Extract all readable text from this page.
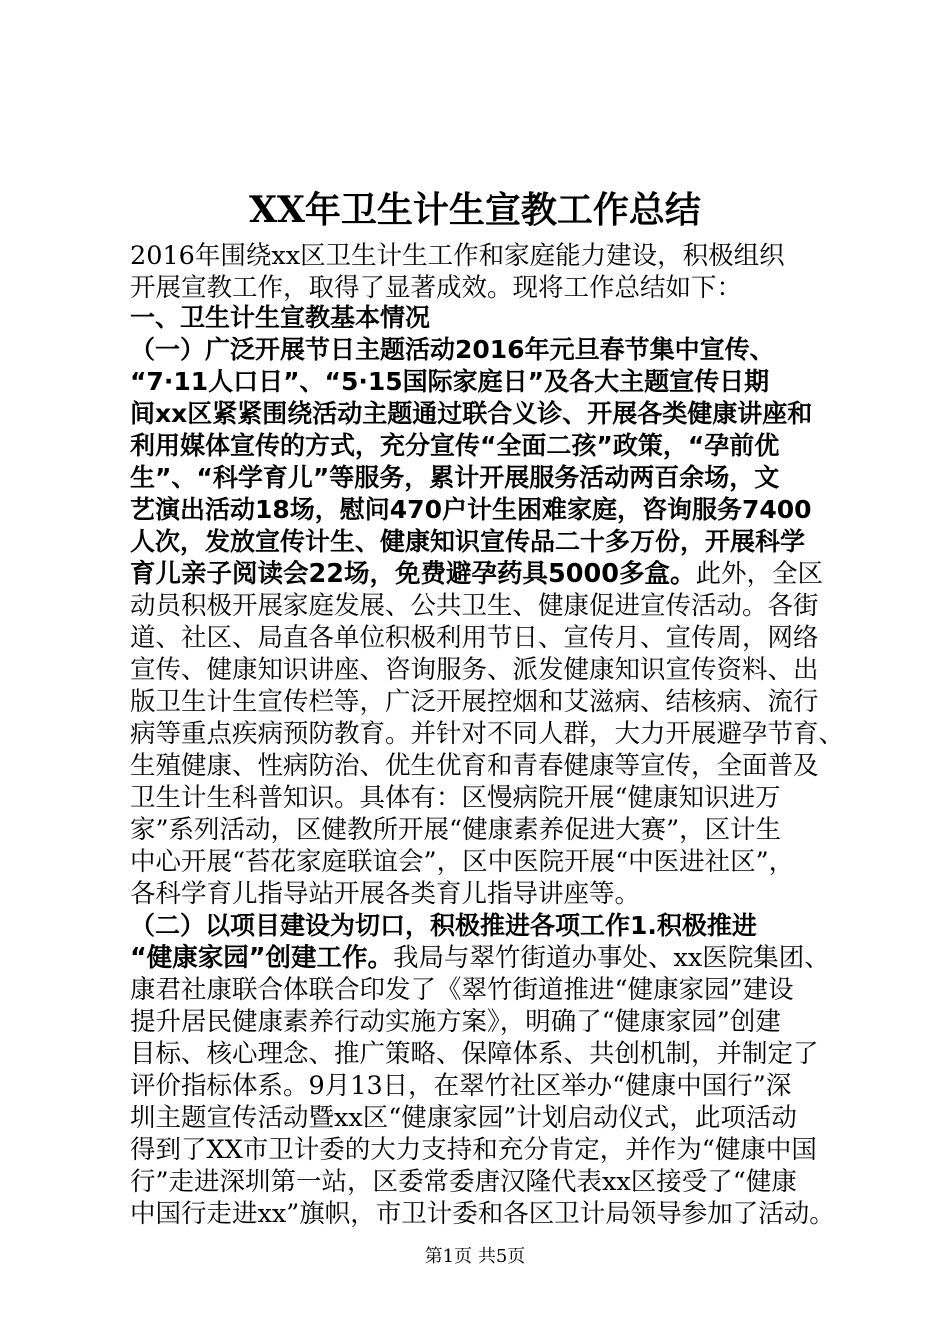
XX年卫生计生宣教工作总结
2016年围绕xx区卫生计生工作和家庭能力建设，积极组织
开展宣教工作，取得了显著成效。现将工作总结如下：
一、卫生计生宣教基本情况
（一）广泛开展节日主题活动2016年元旦春节集中宣传、
“7·11人口日”、“5·15国际家庭日”及各大主题宣传日期
间xx区紧紧围绕活动主题通过联合义诊、开展各类健康讲座和
利用媒体宣传的方式，充分宣传“全面二孩”政策，“孕前优
生”、“科学育儿”等服务，累计开展服务活动两百余场，文
艺演出活动18场，慰问470户计生困难家庭，咨询服务7400
人次，发放宣传计生、健康知识宣传品二十多万份，开展科学
育儿亲子阅读会22场，免费避孕药具5000多盒。此外，全区
动员积极开展家庭发展、公共卫生、健康促进宣传活动。各街
道、社区、局直各单位积极利用节日、宣传月、宣传周，网络
宣传、健康知识讲座、咨询服务、派发健康知识宣传资料、出
版卫生计生宣传栏等，广泛开展控烟和艾滋病、结核病、流行
病等重点疾病预防教育。并针对不同人群，大力开展避孕节育、
生殖健康、性病防治、优生优育和青春健康等宣传，全面普及
卫生计生科普知识。具体有：区慢病院开展“健康知识进万
家”系列活动，区健教所开展“健康素养促进大赛”，区计生
中心开展“苔花家庭联谊会”，区中医院开展“中医进社区”，
各科学育儿指导站开展各类育儿指导讲座等。
（二）以项目建设为切口，积极推进各项工作1.积极推进
“健康家园”创建工作。我局与翠竹街道办事处、xx医院集团、
康君社康联合体联合印发了《翠竹街道推进“健康家园”建设
提升居民健康素养行动实施方案》，明确了“健康家园”创建
目标、核心理念、推广策略、保障体系、共创机制，并制定了
评价指标体系。9月13日，在翠竹社区举办“健康中国行”深
圳主题宣传活动暨xx区“健康家园”计划启动仪式，此项活动
得到了XX市卫计委的大力支持和充分肯定，并作为“健康中国
行”走进深圳第一站，区委常委唐汉隆代表xx区接受了“健康
中国行走进xx”旗帜，市卫计委和各区卫计局领导参加了活动。
第1页 共5页
